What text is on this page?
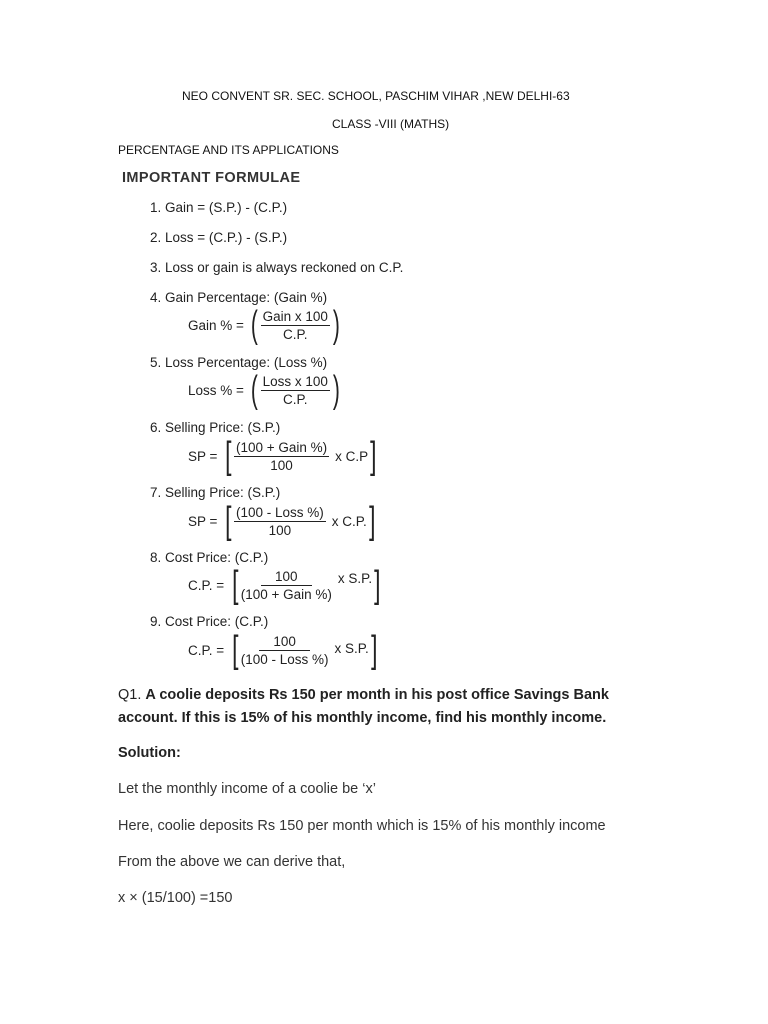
NEO CONVENT SR. SEC. SCHOOL, PASCHIM VIHAR ,NEW DELHI-63
CLASS -VIII (MATHS)
PERCENTAGE AND ITS APPLICATIONS
IMPORTANT FORMULAE
1. Gain = (S.P.) - (C.P.)
2. Loss = (C.P.) - (S.P.)
3. Loss or gain is always reckoned on C.P.
4. Gain Percentage: (Gain %)
Gain % = ( $\frac{\text{Gain x 100}}{C.P.}$ )
5. Loss Percentage: (Loss %)
Loss % = ( $\frac{\text{Loss x 100}}{C.P.}$ )
6. Selling Price: (S.P.)
SP = [ $\frac{\text{(100 + Gain \%)}}{100}$ x C.P ]
7. Selling Price: (S.P.)
SP = [ $\frac{\text{(100 - Loss \%)}}{100}$ x C.P. ]
8. Cost Price: (C.P.)
C.P. = [ $\frac{100}{\text{(100 + Gain \%)}}$ x S.P. ]
9. Cost Price: (C.P.)
C.P. = [ $\frac{100}{\text{(100 - Loss \%)}}$ x S.P. ]
Q1. A coolie deposits Rs 150 per month in his post office Savings Bank
account. If this is 15% of his monthly income, find his monthly income.
Solution:
Let the monthly income of a coolie be ‘x’
Here, coolie deposits Rs 150 per month which is 15% of his monthly income
From the above we can derive that,
x × (15/100) =150
